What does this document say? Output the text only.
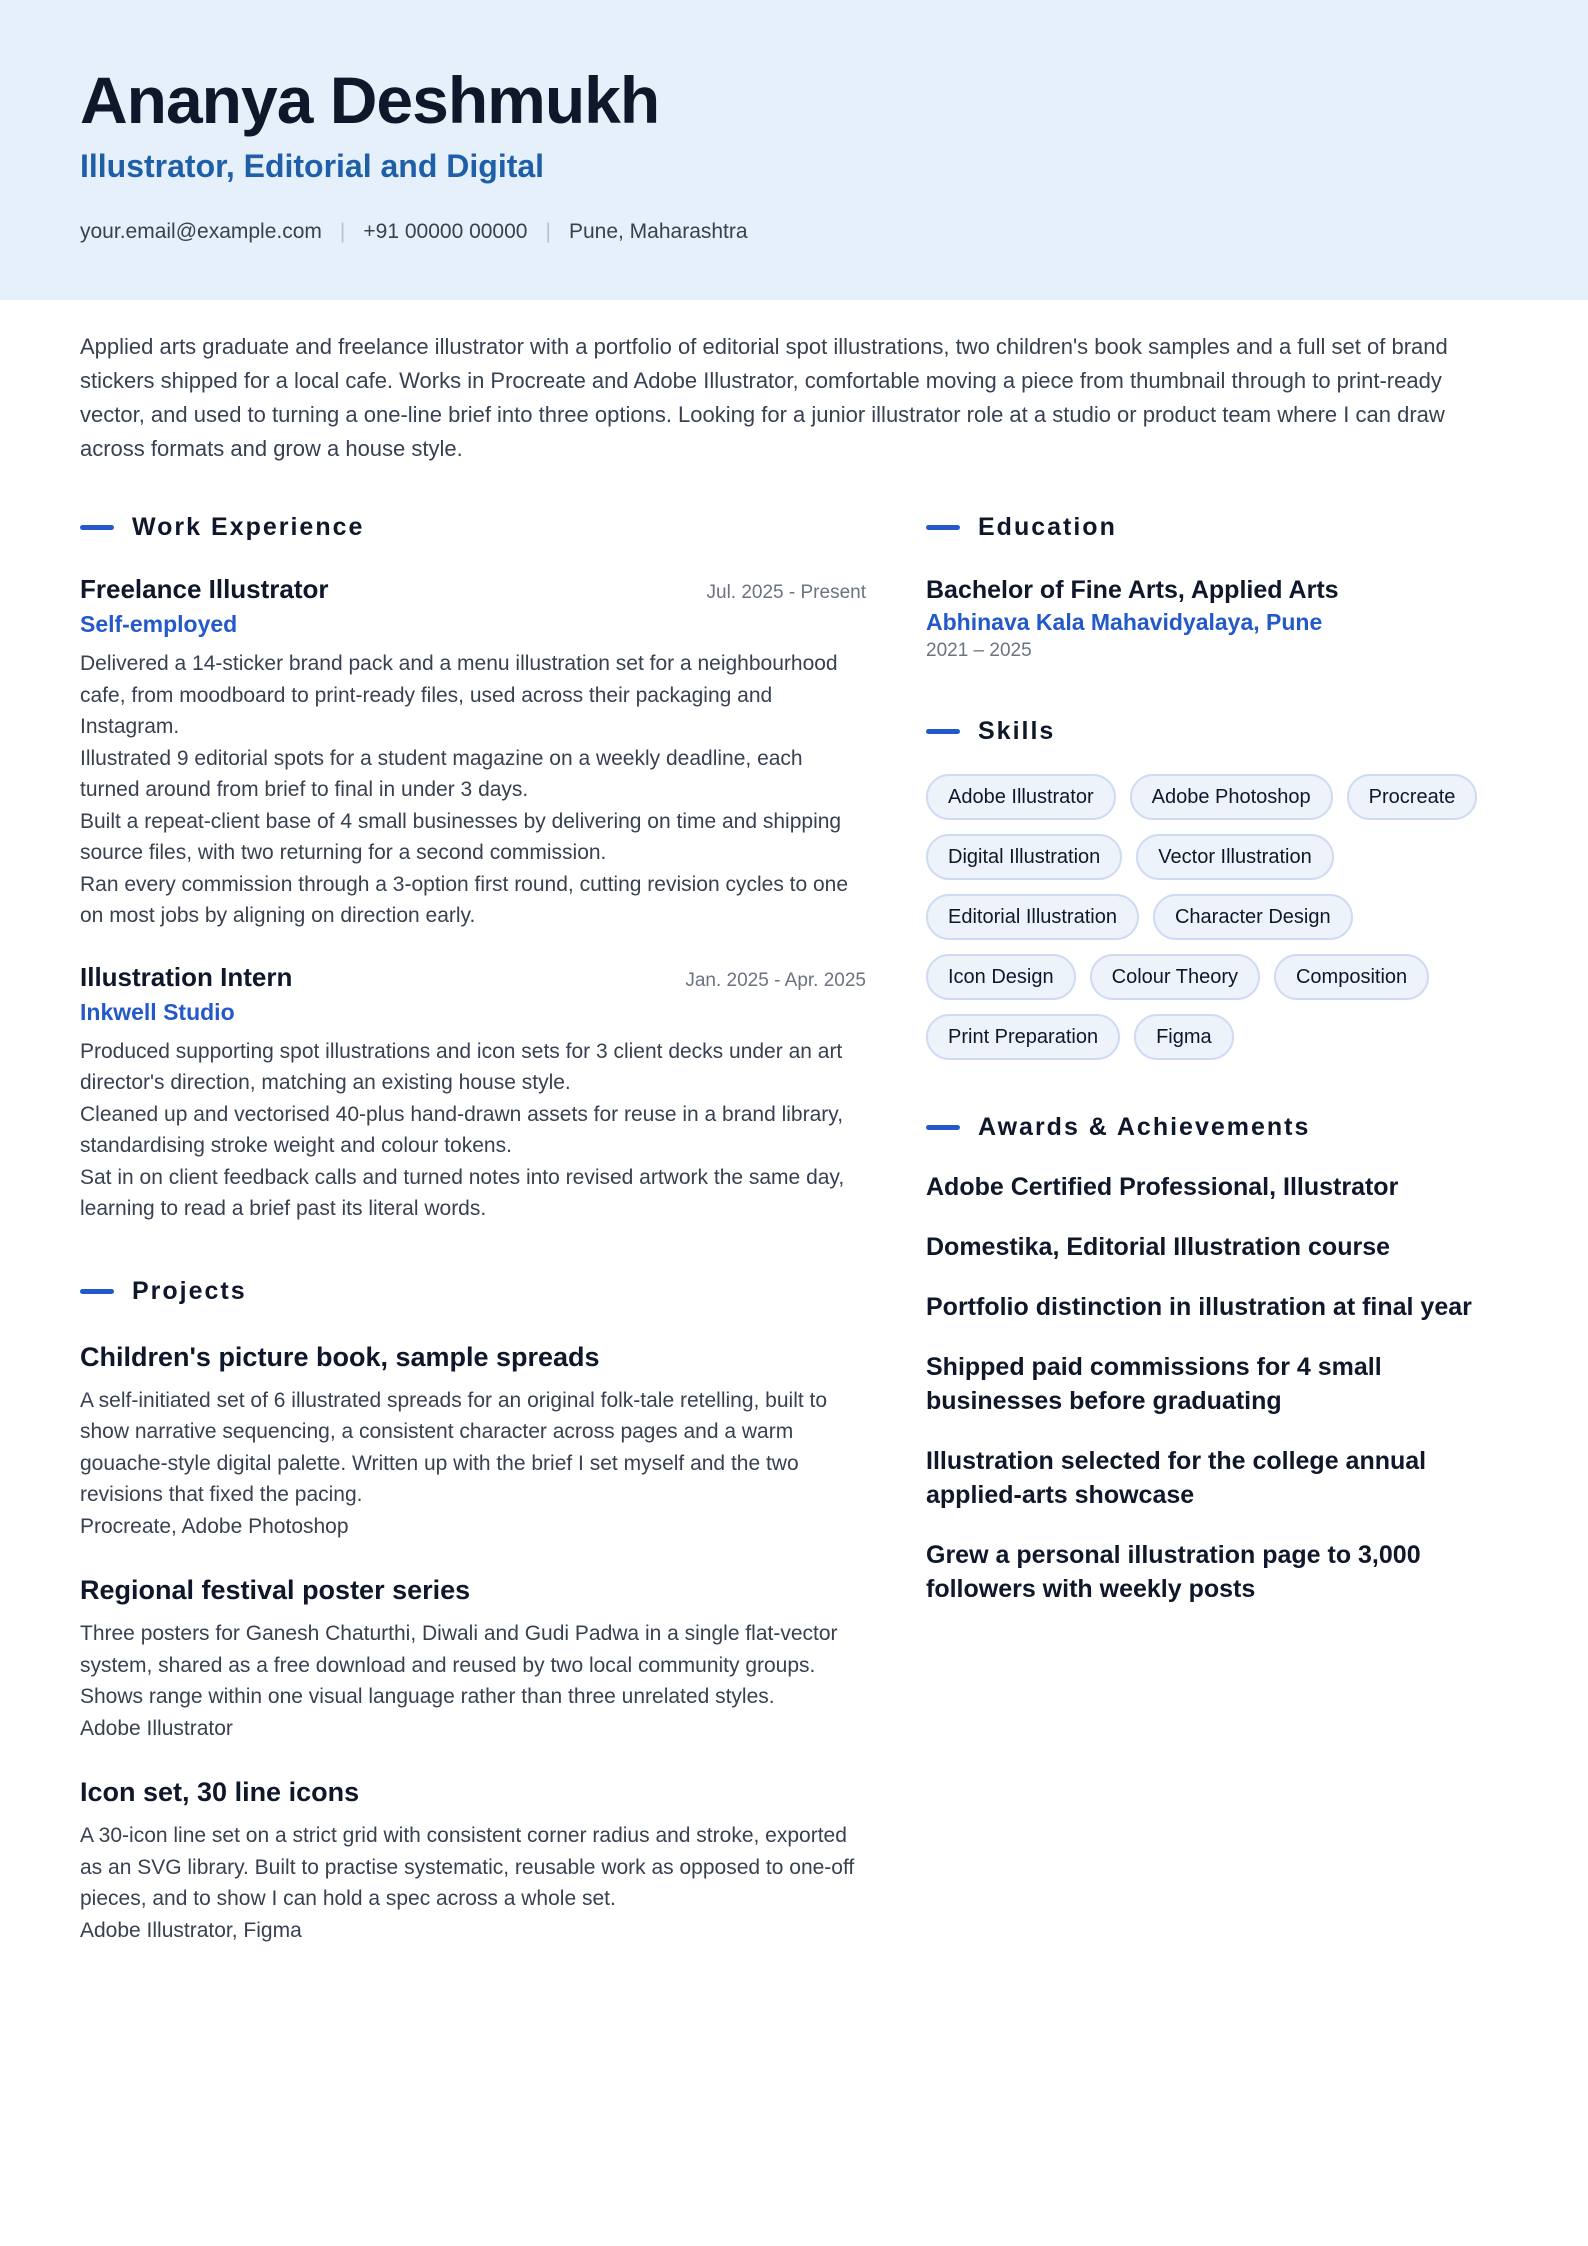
Ananya Deshmukh
Illustrator, Editorial and Digital
your.email@example.com | +91 00000 00000 | Pune, Maharashtra

Applied arts graduate and freelance illustrator with a portfolio of editorial spot illustrations, two children's book samples and a full set of brand stickers shipped for a local cafe. Works in Procreate and Adobe Illustrator, comfortable moving a piece from thumbnail through to print-ready vector, and used to turning a one-line brief into three options. Looking for a junior illustrator role at a studio or product team where I can draw across formats and grow a house style.

Work Experience
Freelance Illustrator	Jul. 2025 - Present
Self-employed
Delivered a 14-sticker brand pack and a menu illustration set for a neighbourhood cafe, from moodboard to print-ready files, used across their packaging and Instagram.
Illustrated 9 editorial spots for a student magazine on a weekly deadline, each turned around from brief to final in under 3 days.
Built a repeat-client base of 4 small businesses by delivering on time and shipping source files, with two returning for a second commission.
Ran every commission through a 3-option first round, cutting revision cycles to one on most jobs by aligning on direction early.
Illustration Intern	Jan. 2025 - Apr. 2025
Inkwell Studio
Produced supporting spot illustrations and icon sets for 3 client decks under an art director's direction, matching an existing house style.
Cleaned up and vectorised 40-plus hand-drawn assets for reuse in a brand library, standardising stroke weight and colour tokens.
Sat in on client feedback calls and turned notes into revised artwork the same day, learning to read a brief past its literal words.
Projects
Children's picture book, sample spreads
A self-initiated set of 6 illustrated spreads for an original folk-tale retelling, built to show narrative sequencing, a consistent character across pages and a warm gouache-style digital palette. Written up with the brief I set myself and the two revisions that fixed the pacing.
Procreate, Adobe Photoshop
Regional festival poster series
Three posters for Ganesh Chaturthi, Diwali and Gudi Padwa in a single flat-vector system, shared as a free download and reused by two local community groups. Shows range within one visual language rather than three unrelated styles.
Adobe Illustrator
Icon set, 30 line icons
A 30-icon line set on a strict grid with consistent corner radius and stroke, exported as an SVG library. Built to practise systematic, reusable work as opposed to one-off pieces, and to show I can hold a spec across a whole set.
Adobe Illustrator, Figma
Education
Bachelor of Fine Arts, Applied Arts
Abhinava Kala Mahavidyalaya, Pune
2021 – 2025
Skills
Adobe Illustrator	Adobe Photoshop	Procreate
Digital Illustration	Vector Illustration
Editorial Illustration	Character Design
Icon Design	Colour Theory	Composition
Print Preparation	Figma
Awards & Achievements
Adobe Certified Professional, Illustrator
Domestika, Editorial Illustration course
Portfolio distinction in illustration at final year
Shipped paid commissions for 4 small businesses before graduating
Illustration selected for the college annual applied-arts showcase
Grew a personal illustration page to 3,000 followers with weekly posts
